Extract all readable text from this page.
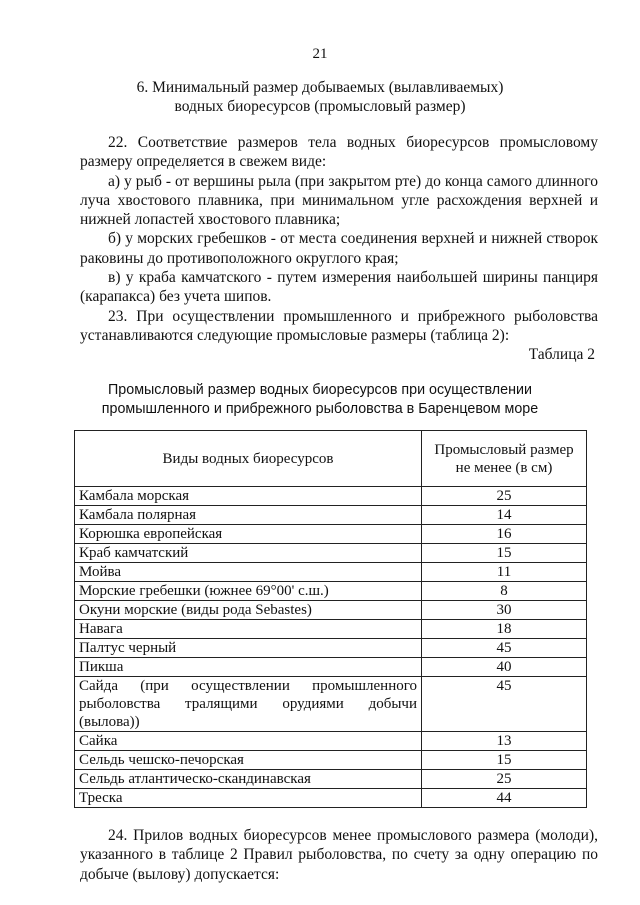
21
6. Минимальный размер добываемых (вылавливаемых)
водных биоресурсов (промысловый размер)
22. Соответствие размеров тела водных биоресурсов промысловому размеру определяется в свежем виде:
а) у рыб - от вершины рыла (при закрытом рте) до конца самого длинного луча хвостового плавника, при минимальном угле расхождения верхней и нижней лопастей хвостового плавника;
б) у морских гребешков - от места соединения верхней и нижней створок раковины до противоположного округлого края;
в) у краба камчатского - путем измерения наибольшей ширины панциря (карапакса) без учета шипов.
23. При осуществлении промышленного и прибрежного рыболовства устанавливаются следующие промысловые размеры (таблица 2):
Таблица 2
Промысловый размер водных биоресурсов при осуществлении
промышленного и прибрежного рыболовства в Баренцевом море
Виды водных биоресурсов	Промысловый размер не менее (в см)
Камбала морская	25
Камбала полярная	14
Корюшка европейская	16
Краб камчатский	15
Мойва	11
Морские гребешки (южнее 69°00' с.ш.)	8
Окуни морские (виды рода Sebastes)	30
Навага	18
Палтус черный	45
Пикша	40
Сайда (при осуществлении промышленного рыболовства тралящими орудиями добычи (вылова))	45
Сайка	13
Сельдь чешско-печорская	15
Сельдь атлантическо-скандинавская	25
Треска	44
24. Прилов водных биоресурсов менее промыслового размера (молоди), указанного в таблице 2 Правил рыболовства, по счету за одну операцию по добыче (вылову) допускается:
